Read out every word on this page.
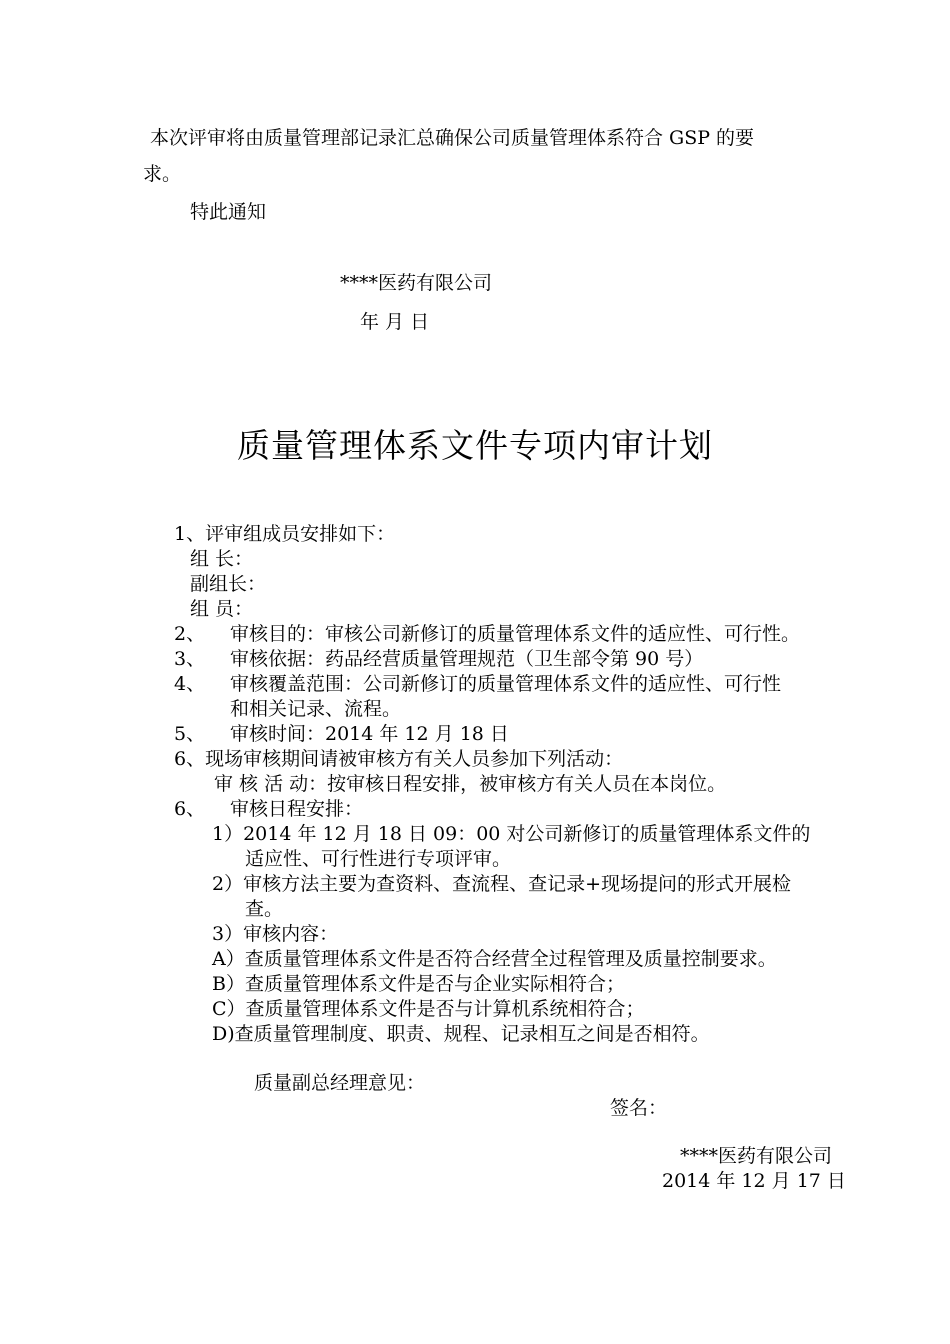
本次评审将由质量管理部记录汇总确保公司质量管理体系符合 GSP 的要
求。
特此通知
****医药有限公司
年 月 日
质量管理体系文件专项内审计划
1、评审组成员安排如下：
组 长：
副组长：
组 员：
2、 审核目的：审核公司新修订的质量管理体系文件的适应性、可行性。
3、 审核依据：药品经营质量管理规范（卫生部令第 90 号）
4、 审核覆盖范围：公司新修订的质量管理体系文件的适应性、可行性
和相关记录、流程。
5、 审核时间：2014 年 12 月 18 日
6、现场审核期间请被审核方有关人员参加下列活动：
审 核 活 动：按审核日程安排，被审核方有关人员在本岗位。
6、 审核日程安排：
1）2014 年 12 月 18 日 09：00 对公司新修订的质量管理体系文件的
适应性、可行性进行专项评审。
2）审核方法主要为查资料、查流程、查记录+现场提问的形式开展检
查。
3）审核内容：
A）查质量管理体系文件是否符合经营全过程管理及质量控制要求。
B）查质量管理体系文件是否与企业实际相符合；
C）查质量管理体系文件是否与计算机系统相符合；
D)查质量管理制度、职责、规程、记录相互之间是否相符。
质量副总经理意见：
签名：
****医药有限公司
2014 年 12 月 17 日
